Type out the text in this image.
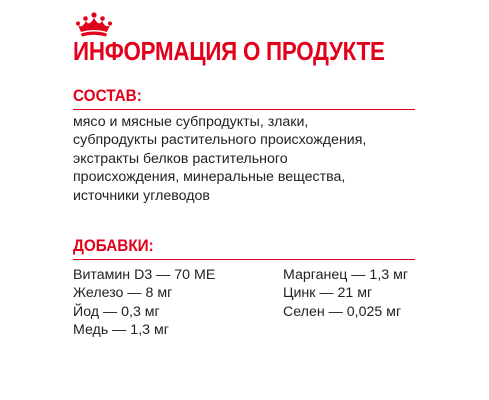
ИНФОРМАЦИЯ О ПРОДУКТЕ
СОСТАВ:

мясо и мясные субпродукты, злаки,
субпродукты растительного происхождения,
экстракты белков растительного
происхождения, минеральные вещества,
источники углеводов

ДОБАВКИ:
Витамин D3 — 70 МЕ
Железо — 8 мг
Йод — 0,3 мг
Медь — 1,3 мг
Марганец — 1,3 мг
Цинк — 21 мг
Селен — 0,025 мг
